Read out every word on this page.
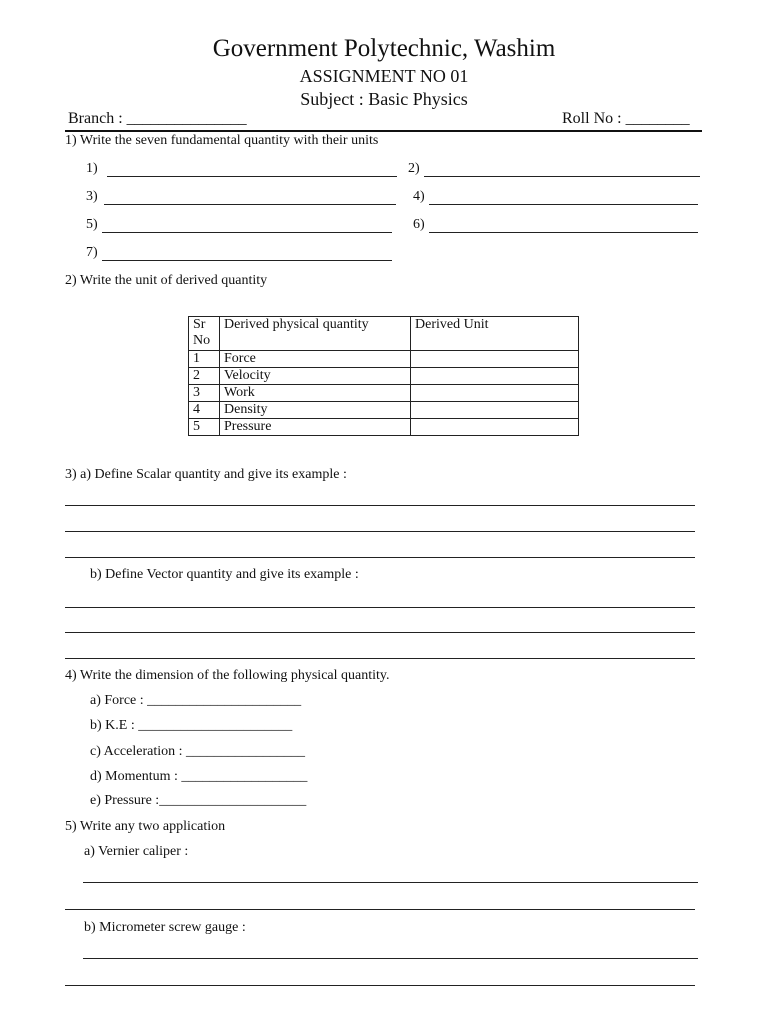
Government Polytechnic, Washim
ASSIGNMENT NO 01
Subject : Basic Physics
Branch : _______________	Roll No : ________
1) Write the seven fundamental quantity with their units
1)	2)
3)	4)
5)	6)
7)
2) Write the unit of derived quantity
Sr No	Derived physical quantity	Derived Unit
1	Force	
2	Velocity	
3	Work	
4	Density	
5	Pressure	
3) a) Define Scalar quantity and give its example :
b) Define Vector quantity and give its example :
4) Write the dimension of the following physical quantity.
a) Force : ______________________
b) K.E : ______________________
c) Acceleration : _________________
d) Momentum : __________________
e) Pressure :_____________________
5) Write any two application
a) Vernier caliper :
b) Micrometer screw gauge :
